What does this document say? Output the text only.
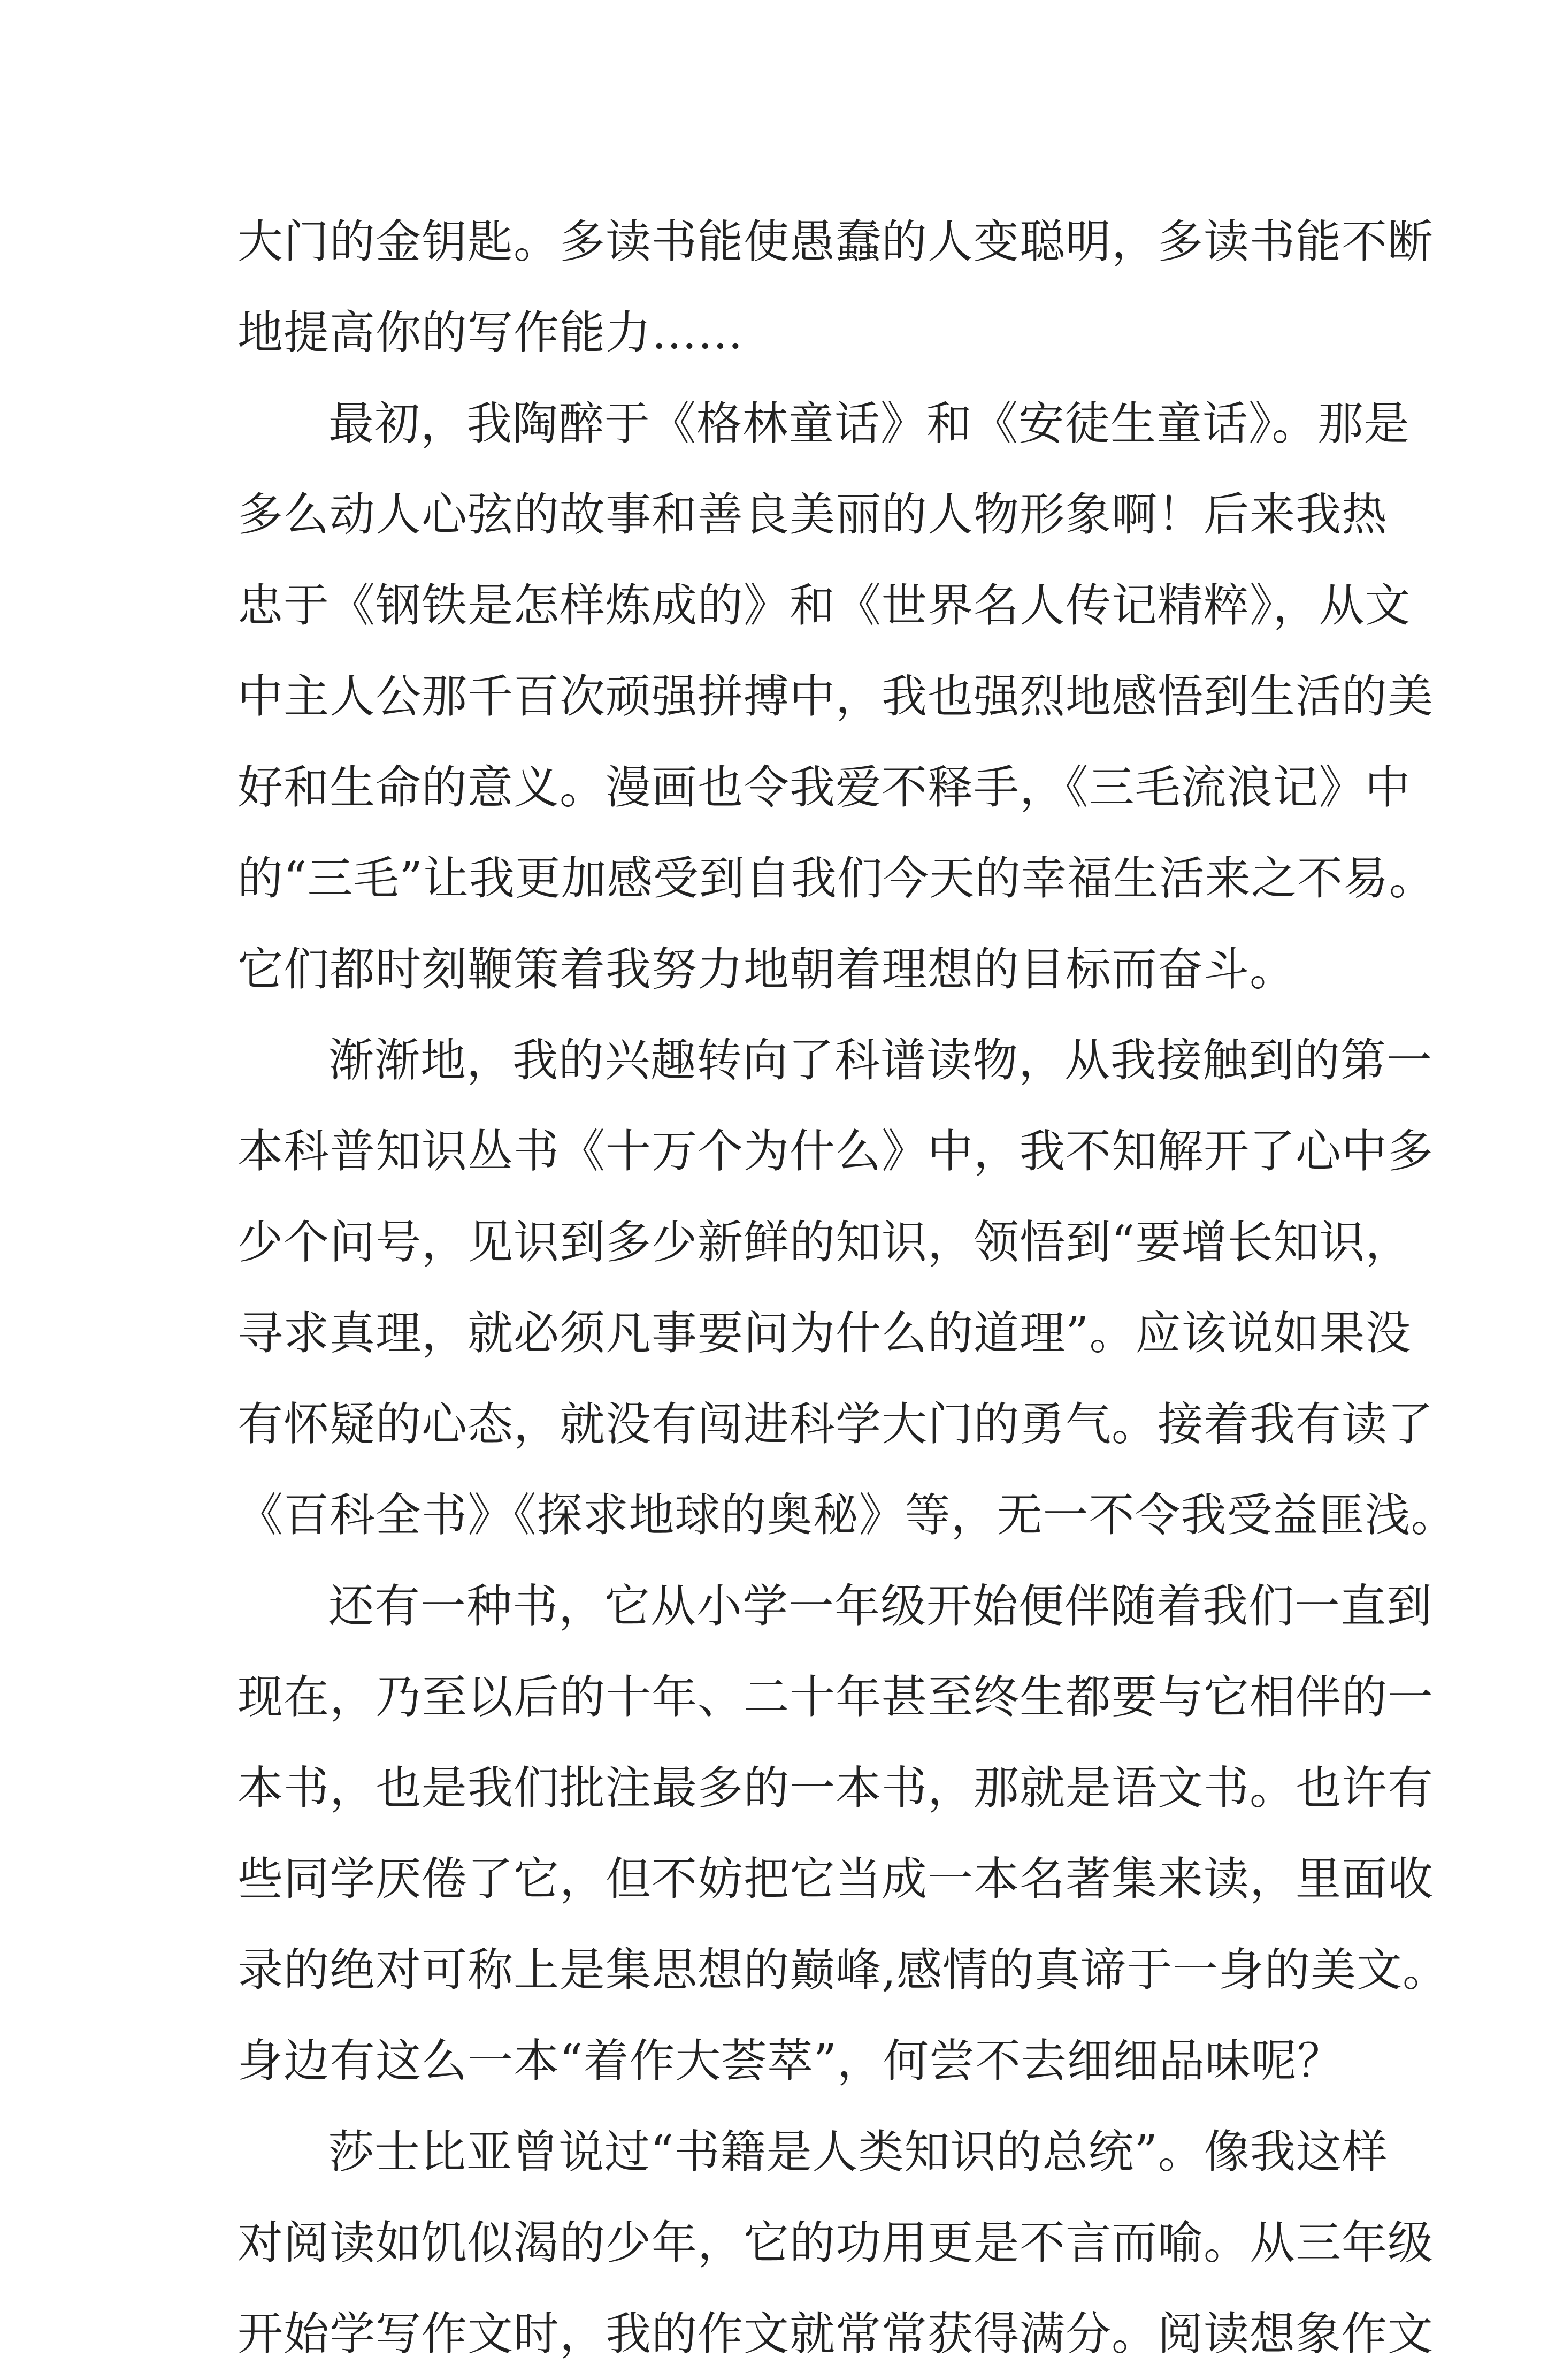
大门的金钥匙。多读书能使愚蠢的人变聪明，多读书能不断
地提高你的写作能力……
最初，我陶醉于《格林童话》和《安徒生童话》。那是
多么动人心弦的故事和善良美丽的人物形象啊！后来我热
忠于《钢铁是怎样炼成的》和《世界名人传记精粹》，从文
中主人公那千百次顽强拼搏中，我也强烈地感悟到生活的美
好和生命的意义。漫画也令我爱不释手，《三毛流浪记》中
的“三毛”让我更加感受到自我们今天的幸福生活来之不易。
它们都时刻鞭策着我努力地朝着理想的目标而奋斗。
渐渐地，我的兴趣转向了科谱读物，从我接触到的第一
本科普知识丛书《十万个为什么》中，我不知解开了心中多
少个问号，见识到多少新鲜的知识，领悟到“要增长知识，
寻求真理，就必须凡事要问为什么的道理”。应该说如果没
有怀疑的心态，就没有闯进科学大门的勇气。接着我有读了
《百科全书》《探求地球的奥秘》等，无一不令我受益匪浅。
还有一种书，它从小学一年级开始便伴随着我们一直到
现在，乃至以后的十年、二十年甚至终生都要与它相伴的一
本书，也是我们批注最多的一本书，那就是语文书。也许有
些同学厌倦了它，但不妨把它当成一本名著集来读，里面收
录的绝对可称上是集思想的巅峰,感情的真谛于一身的美文。
身边有这么一本“着作大荟萃”，何尝不去细细品味呢？
莎士比亚曾说过“书籍是人类知识的总统”。像我这样
对阅读如饥似渴的少年，它的功用更是不言而喻。从三年级
开始学写作文时，我的作文就常常获得满分。阅读想象作文
